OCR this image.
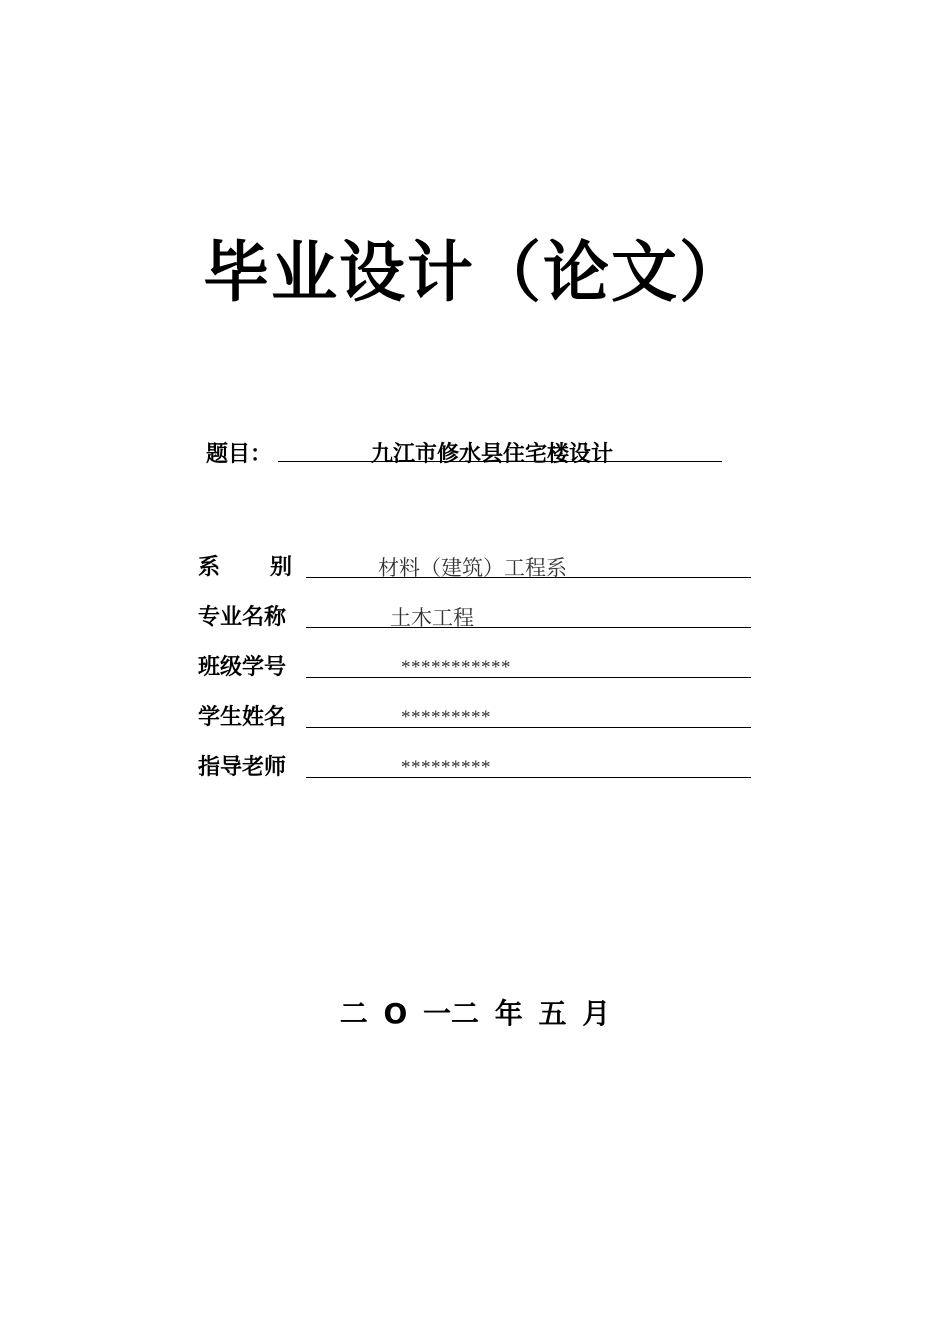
毕业设计（论文）
题目：	九江市修水县住宅楼设计
系 别	材料（建筑）工程系
专业名称	土木工程
班级学号	***********
学生姓名	*********
指导老师	*********
二 O 一二 年 五 月
